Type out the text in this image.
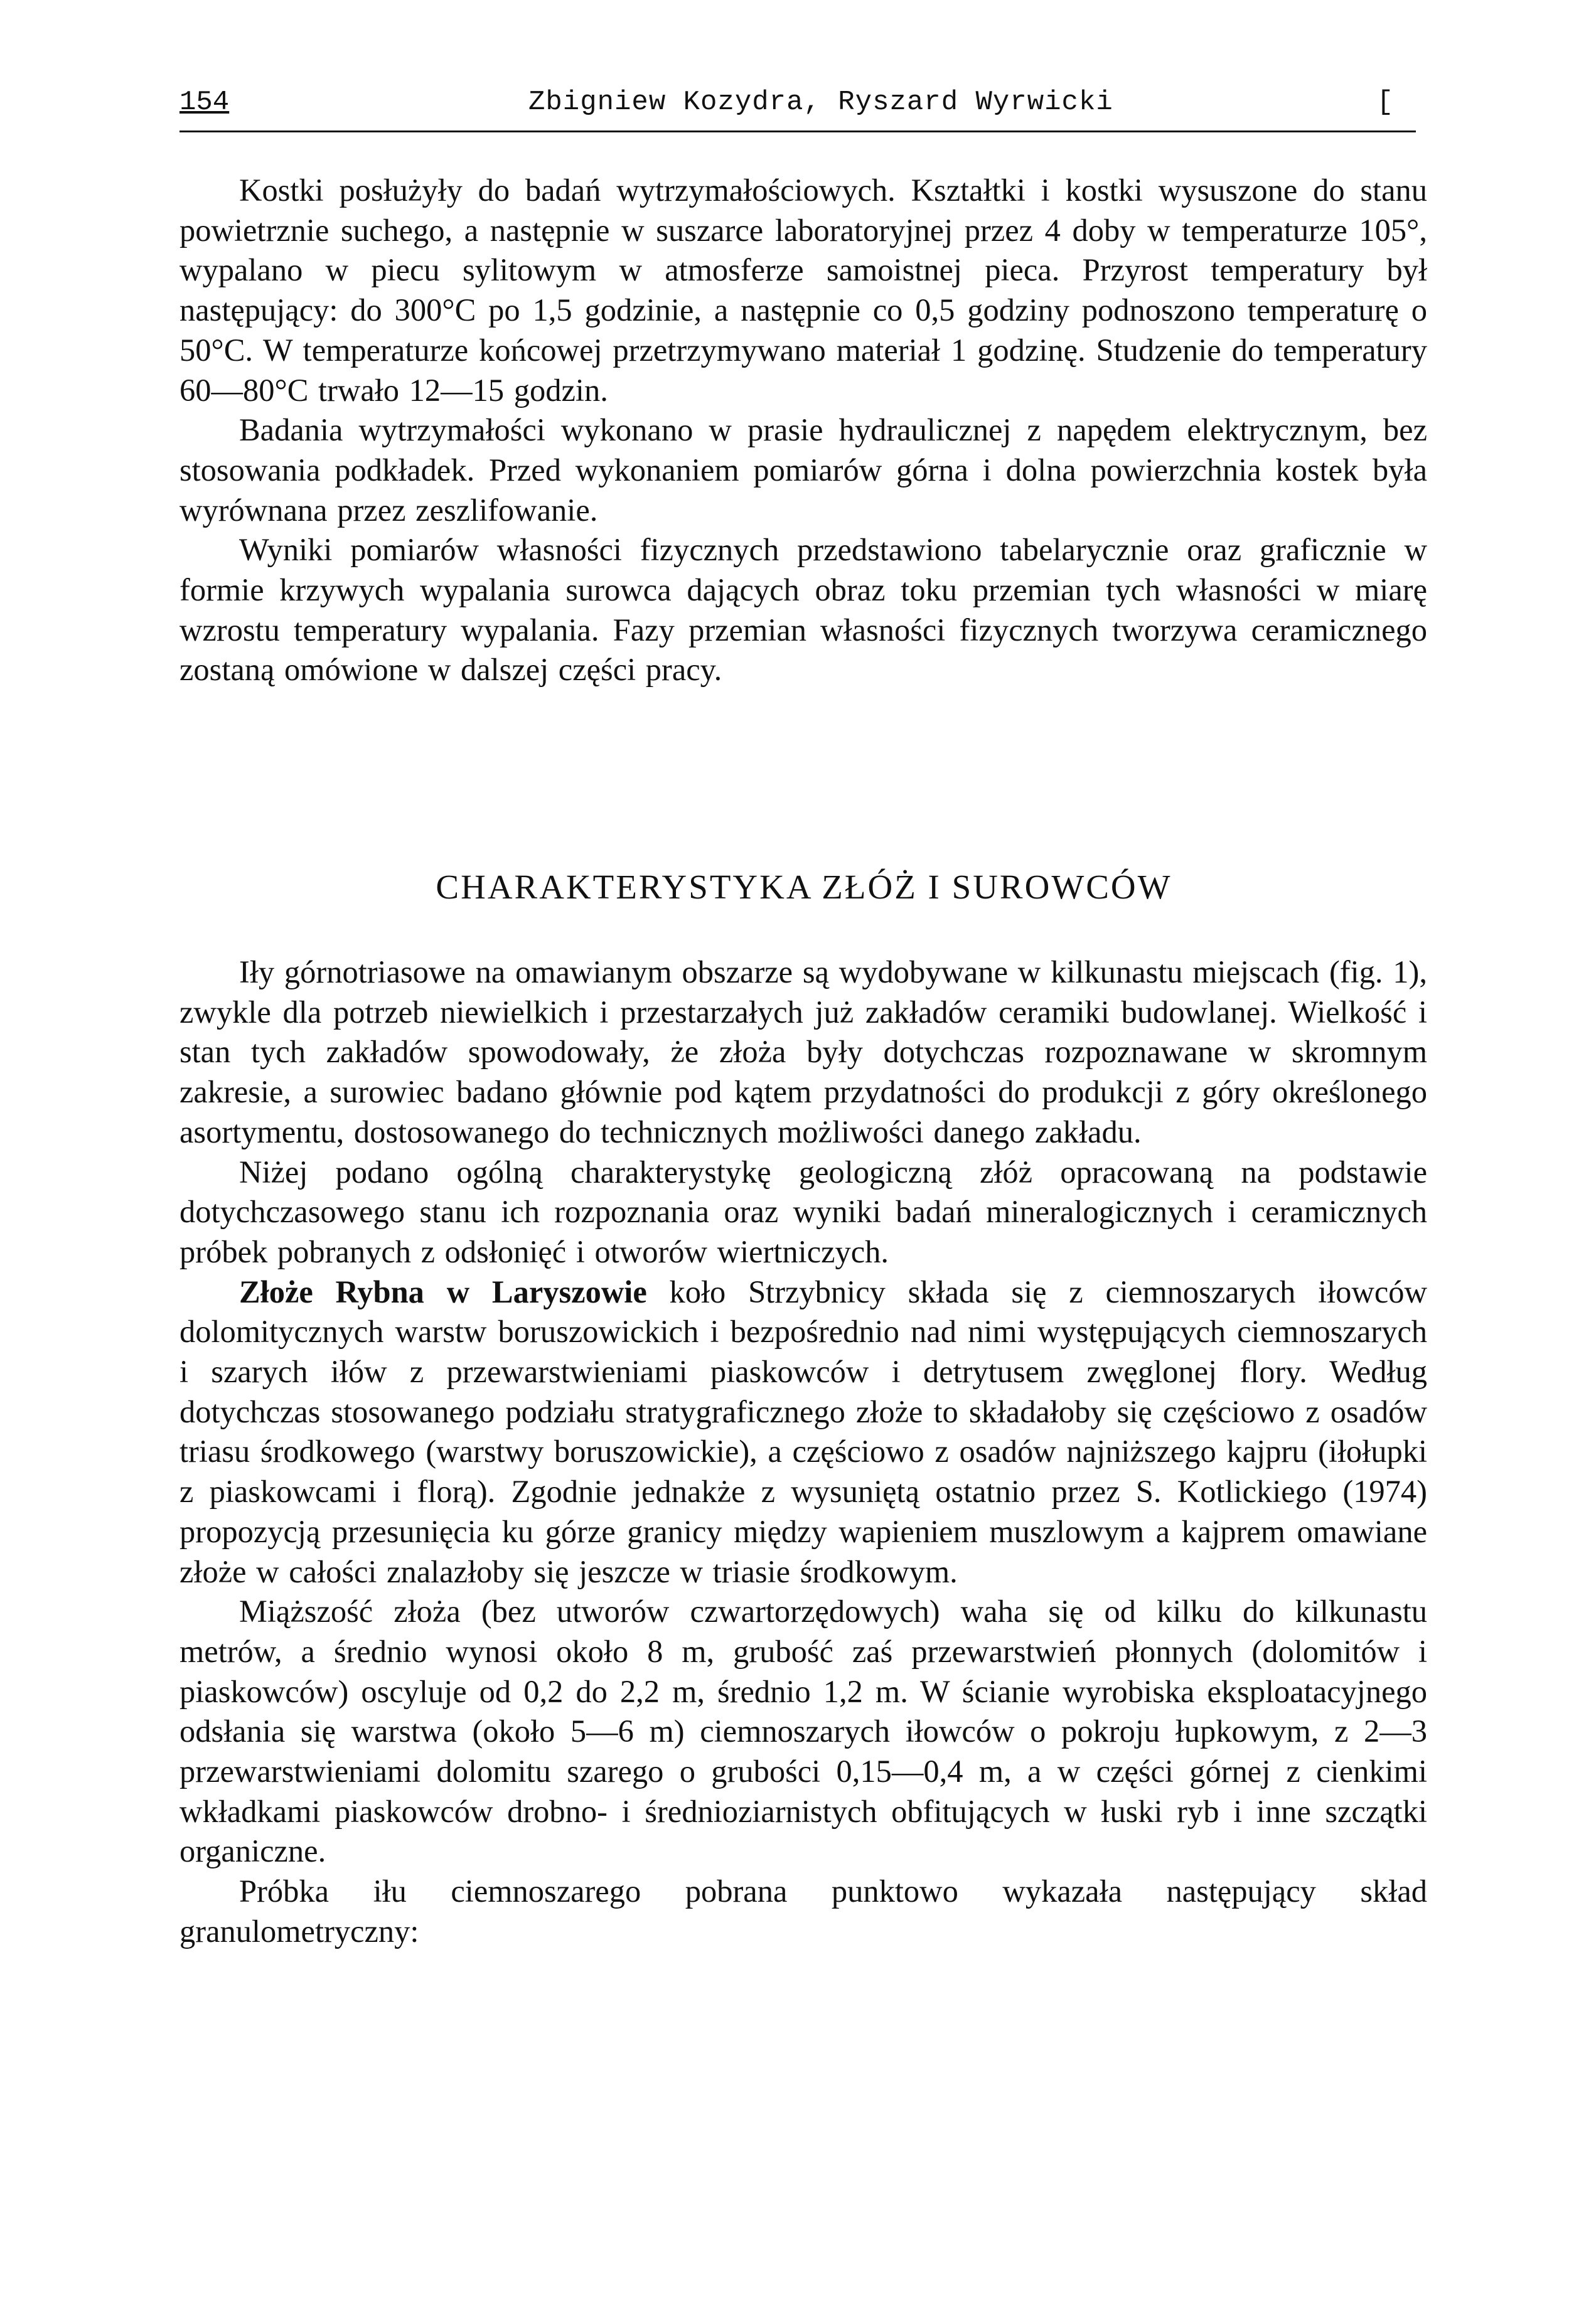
154	Zbigniew Kozydra, Ryszard Wyrwicki	[

Kostki posłużyły do badań wytrzymałościowych. Kształtki i kostki wysuszone do stanu powietrznie suchego, a następnie w suszarce laboratoryjnej przez 4 doby w temperaturze 105°, wypalano w piecu sylitowym w atmosferze samoistnej pieca. Przyrost temperatury był następujący: do 300°C po 1,5 godzinie, a następnie co 0,5 godziny podnoszono temperaturę o 50°C. W temperaturze końcowej przetrzymywano materiał 1 godzinę. Studzenie do temperatury 60—80°C trwało 12—15 godzin.

Badania wytrzymałości wykonano w prasie hydraulicznej z napędem elektrycznym, bez stosowania podkładek. Przed wykonaniem pomiarów górna i dolna powierzchnia kostek była wyrównana przez zeszlifowanie.

Wyniki pomiarów własności fizycznych przedstawiono tabelarycznie oraz graficznie w formie krzywych wypalania surowca dających obraz toku przemian tych własności w miarę wzrostu temperatury wypalania. Fazy przemian własności fizycznych tworzywa ceramicznego zostaną omówione w dalszej części pracy.

CHARAKTERYSTYKA ZŁÓŻ I SUROWCÓW

Iły górnotriasowe na omawianym obszarze są wydobywane w kilkunastu miejscach (fig. 1), zwykle dla potrzeb niewielkich i przestarzałych już zakładów ceramiki budowlanej. Wielkość i stan tych zakładów spowodowały, że złoża były dotychczas rozpoznawane w skromnym zakresie, a surowiec badano głównie pod kątem przydatności do produkcji z góry określonego asortymentu, dostosowanego do technicznych możliwości danego zakładu.

Niżej podano ogólną charakterystykę geologiczną złóż opracowaną na podstawie dotychczasowego stanu ich rozpoznania oraz wyniki badań mineralogicznych i ceramicznych próbek pobranych z odsłonięć i otworów wiertniczych.

Złoże Rybna w Laryszowie koło Strzybnicy składa się z ciemnoszarych iłowców dolomitycznych warstw boruszowickich i bezpośrednio nad nimi występujących ciemnoszarych i szarych iłów z przewarstwieniami piaskowców i detrytusem zwęglonej flory. Według dotychczas stosowanego podziału stratygraficznego złoże to składałoby się częściowo z osadów triasu środkowego (warstwy boruszowickie), a częściowo z osadów najniższego kajpru (iłołupki z piaskowcami i florą). Zgodnie jednakże z wysuniętą ostatnio przez S. Kotlickiego (1974) propozycją przesunięcia ku górze granicy między wapieniem muszlowym a kajprem omawiane złoże w całości znalazłoby się jeszcze w triasie środkowym.

Miąższość złoża (bez utworów czwartorzędowych) waha się od kilku do kilkunastu metrów, a średnio wynosi około 8 m, grubość zaś przewarstwień płonnych (dolomitów i piaskowców) oscyluje od 0,2 do 2,2 m, średnio 1,2 m. W ścianie wyrobiska eksploatacyjnego odsłania się warstwa (około 5—6 m) ciemnoszarych iłowców o pokroju łupkowym, z 2—3 przewarstwieniami dolomitu szarego o grubości 0,15—0,4 m, a w części górnej z cienkimi wkładkami piaskowców drobno- i średnioziarnistych obfitujących w łuski ryb i inne szczątki organiczne.

Próbka iłu ciemnoszarego pobrana punktowo wykazała następujący skład granulometryczny:
